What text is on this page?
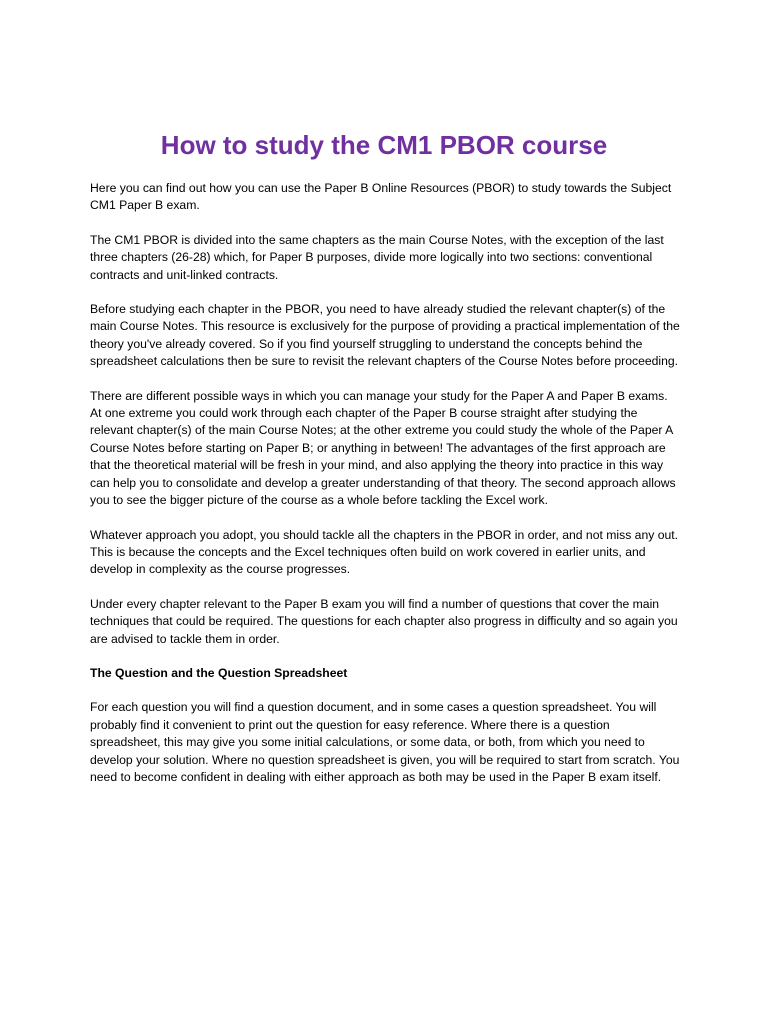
How to study the CM1 PBOR course

Here you can find out how you can use the Paper B Online Resources (PBOR) to study towards the Subject CM1 Paper B exam.

The CM1 PBOR is divided into the same chapters as the main Course Notes, with the exception of the last three chapters (26-28) which, for Paper B purposes, divide more logically into two sections: conventional contracts and unit-linked contracts.

Before studying each chapter in the PBOR, you need to have already studied the relevant chapter(s) of the main Course Notes. This resource is exclusively for the purpose of providing a practical implementation of the theory you've already covered. So if you find yourself struggling to understand the concepts behind the spreadsheet calculations then be sure to revisit the relevant chapters of the Course Notes before proceeding.

There are different possible ways in which you can manage your study for the Paper A and Paper B exams. At one extreme you could work through each chapter of the Paper B course straight after studying the relevant chapter(s) of the main Course Notes; at the other extreme you could study the whole of the Paper A Course Notes before starting on Paper B; or anything in between! The advantages of the first approach are that the theoretical material will be fresh in your mind, and also applying the theory into practice in this way can help you to consolidate and develop a greater understanding of that theory. The second approach allows you to see the bigger picture of the course as a whole before tackling the Excel work.

Whatever approach you adopt, you should tackle all the chapters in the PBOR in order, and not miss any out. This is because the concepts and the Excel techniques often build on work covered in earlier units, and develop in complexity as the course progresses.

Under every chapter relevant to the Paper B exam you will find a number of questions that cover the main techniques that could be required. The questions for each chapter also progress in difficulty and so again you are advised to tackle them in order.

The Question and the Question Spreadsheet

For each question you will find a question document, and in some cases a question spreadsheet. You will probably find it convenient to print out the question for easy reference. Where there is a question spreadsheet, this may give you some initial calculations, or some data, or both, from which you need to develop your solution. Where no question spreadsheet is given, you will be required to start from scratch. You need to become confident in dealing with either approach as both may be used in the Paper B exam itself.
